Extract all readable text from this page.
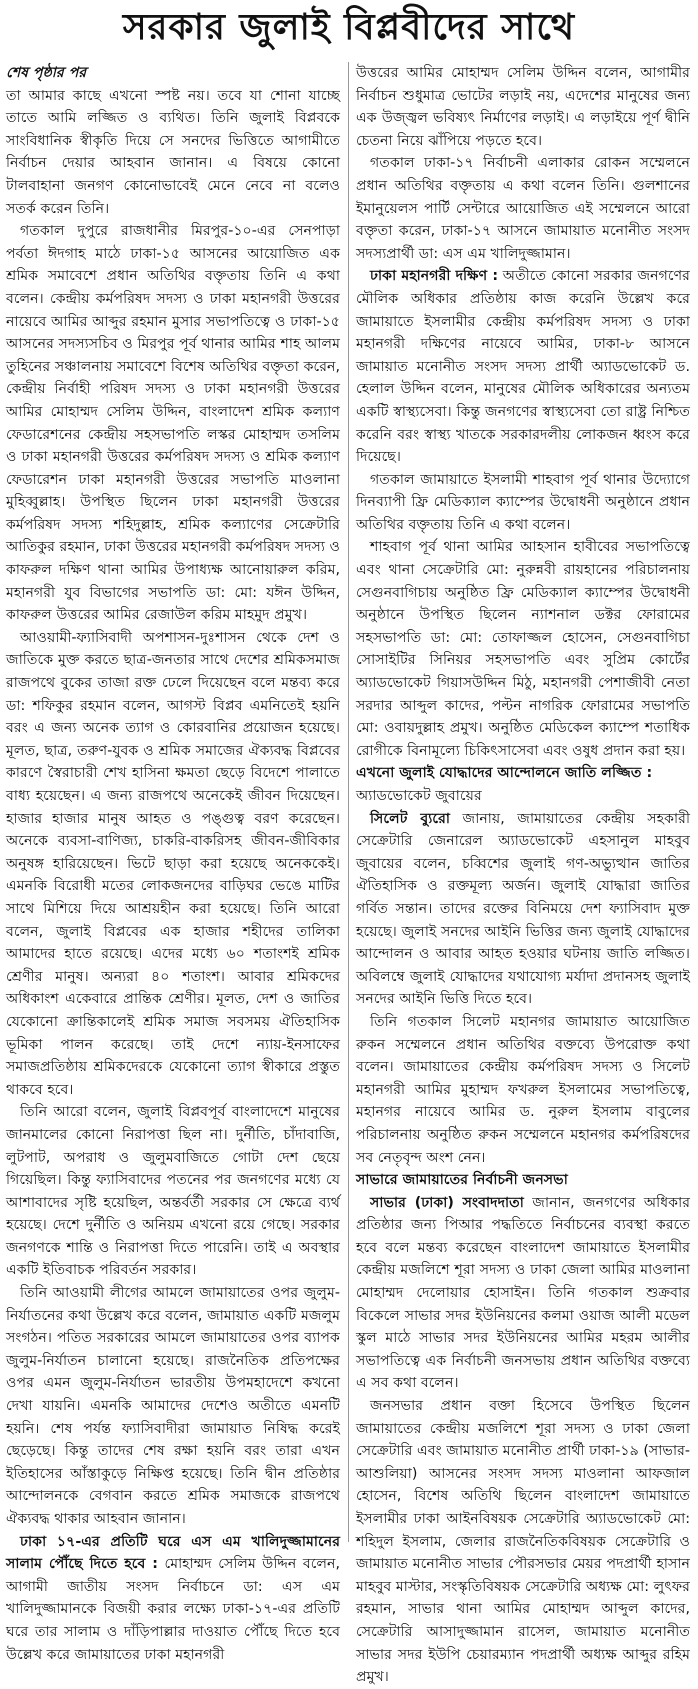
সরকার জুলাই বিপ্লবীদের সাথে

শেষ পৃষ্ঠার পর

তা আমার কাছে এখনো স্পষ্ট নয়। তবে যা শোনা যাচ্ছে তাতে আমি লজ্জিত ও ব্যথিত। তিনি জুলাই বিপ্লবকে সাংবিধানিক স্বীকৃতি দিয়ে সে সনদের ভিত্তিতে আগামীতে নির্বাচন দেয়ার আহবান জানান। এ বিষয়ে কোনো টালবাহানা জনগণ কোনোভাবেই মেনে নেবে না বলেও সতর্ক করেন তিনি।

গতকাল দুপুরে রাজধানীর মিরপুর-১০-এর সেনপাড়া পর্বতা ঈদগাহ মাঠে ঢাকা-১৫ আসনের আয়োজিত এক শ্রমিক সমাবেশে প্রধান অতিথির বক্তৃতায় তিনি এ কথা বলেন। কেন্দ্রীয় কর্মপরিষদ সদস্য ও ঢাকা মহানগরী উত্তরের নায়েবে আমির আব্দুর রহমান মুসার সভাপতিত্বে ও ঢাকা-১৫ আসনের সদস্যসচিব ও মিরপুর পূর্ব থানার আমির শাহ আলম তুহিনের সঞ্চালনায় সমাবেশে বিশেষ অতিথির বক্তৃতা করেন, কেন্দ্রীয় নির্বাহী পরিষদ সদস্য ও ঢাকা মহানগরী উত্তরের আমির মোহাম্মদ সেলিম উদ্দিন, বাংলাদেশ শ্রমিক কল্যাণ ফেডারেশনের কেন্দ্রীয় সহসভাপতি লস্কর মোহাম্মদ তসলিম ও ঢাকা মহানগরী উত্তরের কর্মপরিষদ সদস্য ও শ্রমিক কল্যাণ ফেডারেশন ঢাকা মহানগরী উত্তরের সভাপতি মাওলানা মুহিব্বুল্লাহ। উপস্থিত ছিলেন ঢাকা মহানগরী উত্তরের কর্মপরিষদ সদস্য শহিদুল্লাহ, শ্রমিক কল্যাণের সেক্রেটারি আতিকুর রহমান, ঢাকা উত্তরের মহানগরী কর্মপরিষদ সদস্য ও কাফরুল দক্ষিণ থানা আমির উপাধ্যক্ষ আনোয়ারুল করিম, মহানগরী যুব বিভাগের সভাপতি ডা: মো: যঈন উদ্দিন, কাফরুল উত্তরের আমির রেজাউল করিম মাহমুদ প্রমুখ।

আওয়ামী-ফ্যাসিবাদী অপশাসন-দুঃশাসন থেকে দেশ ও জাতিকে মুক্ত করতে ছাত্র-জনতার সাথে দেশের শ্রমিকসমাজ রাজপথে বুকের তাজা রক্ত ঢেলে দিয়েছেন বলে মন্তব্য করে ডা: শফিকুর রহমান বলেন, আগস্ট বিপ্লব এমনিতেই হয়নি বরং এ জন্য অনেক ত্যাগ ও কোরবানির প্রয়োজন হয়েছে। মূলত, ছাত্র, তরুণ-যুবক ও শ্রমিক সমাজের ঐক্যবদ্ধ বিপ্লবের কারণে স্বৈরাচারী শেখ হাসিনা ক্ষমতা ছেড়ে বিদেশে পালাতে বাধ্য হয়েছেন। এ জন্য রাজপথে অনেকেই জীবন দিয়েছেন। হাজার হাজার মানুষ আহত ও পঙ্গুত্ব বরণ করেছেন। অনেকে ব্যবসা-বাণিজ্য, চাকরি-বাকরিসহ জীবন-জীবিকার অনুষঙ্গ হারিয়েছেন। ভিটে ছাড়া করা হয়েছে অনেককেই। এমনকি বিরোধী মতের লোকজনদের বাড়িঘর ভেঙে মাটির সাথে মিশিয়ে দিয়ে আশ্রয়হীন করা হয়েছে। তিনি আরো বলেন, জুলাই বিপ্লবের এক হাজার শহীদের তালিকা আমাদের হাতে রয়েছে। এদের মধ্যে ৬০ শতাংশই শ্রমিক শ্রেণীর মানুষ। অন্যরা ৪০ শতাংশ। আবার শ্রমিকদের অধিকাংশ একেবারে প্রান্তিক শ্রেণীর। মূলত, দেশ ও জাতির যেকোনো ক্রান্তিকালেই শ্রমিক সমাজ সবসময় ঐতিহাসিক ভূমিকা পালন করেছে। তাই দেশে ন্যায়-ইনসাফের সমাজপ্রতিষ্ঠায় শ্রমিকদেরকে যেকোনো ত্যাগ স্বীকারে প্রস্তুত থাকবে হবে।

তিনি আরো বলেন, জুলাই বিপ্লবপূর্ব বাংলাদেশে মানুষের জানমালের কোনো নিরাপত্তা ছিল না। দুর্নীতি, চাঁদাবাজি, লুটপাট, অপরাধ ও জুলুমবাজিতে গোটা দেশ ছেয়ে গিয়েছিল। কিন্তু ফ্যাসিবাদের পতনের পর জনগণের মধ্যে যে আশাবাদের সৃষ্টি হয়েছিল, অন্তর্বর্তী সরকার সে ক্ষেত্রে ব্যর্থ হয়েছে। দেশে দুর্নীতি ও অনিয়ম এখনো রয়ে গেছে। সরকার জনগণকে শান্তি ও নিরাপত্তা দিতে পারেনি। তাই এ অবস্থার একটি ইতিবাচক পরিবর্তন সরকার।

তিনি আওয়ামী লীগের আমলে জামায়াতের ওপর জুলুম-নির্যাতনের কথা উল্লেখ করে বলেন, জামায়াত একটি মজলুম সংগঠন। পতিত সরকারের আমলে জামায়াতের ওপর ব্যাপক জুলুম-নির্যাতন চালানো হয়েছে। রাজনৈতিক প্রতিপক্ষের ওপর এমন জুলুম-নির্যাতন ভারতীয় উপমহাদেশে কখনো দেখা যায়নি। এমনকি আমাদের দেশেও অতীতে এমনটি হয়নি। শেষ পর্যন্ত ফ্যাসিবাদীরা জামায়াত নিষিদ্ধ করেই ছেড়েছে। কিন্তু তাদের শেষ রক্ষা হয়নি বরং তারা এখন ইতিহাসের আঁস্তাকুড়ে নিক্ষিপ্ত হয়েছে। তিনি দ্বীন প্রতিষ্ঠার আন্দোলনকে বেগবান করতে শ্রমিক সমাজকে রাজপথে ঐক্যবদ্ধ থাকার আহবান জানান।

ঢাকা ১৭-এর প্রতিটি ঘরে এস এম খালিদুজ্জামানের সালাম পৌঁছে দিতে হবে : মোহাম্মদ সেলিম উদ্দিন বলেন, আগামী জাতীয় সংসদ নির্বাচনে ডা: এস এম খালিদুজ্জামানকে বিজয়ী করার লক্ষ্যে ঢাকা-১৭-এর প্রতিটি ঘরে তার সালাম ও দাঁড়িপাল্লার দাওয়াত পৌঁছে দিতে হবে উল্লেখ করে জামায়াতের ঢাকা মহানগরী

উত্তরের আমির মোহাম্মদ সেলিম উদ্দিন বলেন, আগামীর নির্বাচন শুধুমাত্র ভোটের লড়াই নয়, এদেশের মানুষের জন্য এক উজ্জ্বল ভবিষ্যৎ নির্মাণের লড়াই। এ লড়াইয়ে পূর্ণ দ্বীনি চেতনা নিয়ে ঝাঁপিয়ে পড়তে হবে।

গতকাল ঢাকা-১৭ নির্বাচনী এলাকার রোকন সম্মেলনে প্রধান অতিথির বক্তৃতায় এ কথা বলেন তিনি। গুলশানের ইমানুয়েলস পার্টি সেন্টারে আয়োজিত এই সম্মেলনে আরো বক্তৃতা করেন, ঢাকা-১৭ আসনে জামায়াত মনোনীত সংসদ সদস্যপ্রার্থী ডা: এস এম খালিদুজ্জামান।

ঢাকা মহানগরী দক্ষিণ : অতীতে কোনো সরকার জনগণের মৌলিক অধিকার প্রতিষ্ঠায় কাজ করেনি উল্লেখ করে জামায়াতে ইসলামীর কেন্দ্রীয় কর্মপরিষদ সদস্য ও ঢাকা মহানগরী দক্ষিণের নায়েবে আমির, ঢাকা-৮ আসনে জামায়াত মনোনীত সংসদ সদস্য প্রার্থী অ্যাডভোকেট ড. হেলাল উদ্দিন বলেন, মানুষের মৌলিক অধিকারের অন্যতম একটি স্বাস্থ্যসেবা। কিন্তু জনগণের স্বাস্থ্যসেবা তো রাষ্ট্র নিশ্চিত করেনি বরং স্বাস্থ্য খাতকে সরকারদলীয় লোকজন ধ্বংস করে দিয়েছে।

গতকাল জামায়াতে ইসলামী শাহবাগ পূর্ব থানার উদ্যোগে দিনব্যাপী ফ্রি মেডিক্যাল ক্যাম্পের উদ্বোধনী অনুষ্ঠানে প্রধান অতিথির বক্তৃতায় তিনি এ কথা বলেন।

শাহবাগ পূর্ব থানা আমির আহসান হাবীবের সভাপতিত্বে এবং থানা সেক্রেটারি মো: নুরুন্নবী রায়হানের পরিচালনায় সেগুনবাগিচায় অনুষ্ঠিত ফ্রি মেডিক্যাল ক্যাম্পের উদ্বোধনী অনুষ্ঠানে উপস্থিত ছিলেন ন্যাশনাল ডক্টর ফোরামের সহসভাপতি ডা: মো: তোফাজ্জল হোসেন, সেগুনবাগিচা সোসাইটির সিনিয়র সহসভাপতি এবং সুপ্রিম কোর্টের অ্যাডভোকেট গিয়াসউদ্দিন মিঠু, মহানগরী পেশাজীবী নেতা সরদার আব্দুল কাদের, পল্টন নাগরিক ফোরামের সভাপতি মো: ওবায়দুল্লাহ প্রমুখ। অনুষ্ঠিত মেডিকেল ক্যাম্পে শতাধিক রোগীকে বিনামূল্যে চিকিৎসাসেবা এবং ওষুধ প্রদান করা হয়।

এখনো জুলাই যোদ্ধাদের আন্দোলনে জাতি লজ্জিত :

অ্যাডভোকেট জুবায়ের

সিলেট ব্যুরো জানায়, জামায়াতের কেন্দ্রীয় সহকারী সেক্রেটারি জেনারেল অ্যাডভোকেট এহসানুল মাহবুব জুবায়ের বলেন, চব্বিশের জুলাই গণ-অভ্যুত্থান জাতির ঐতিহাসিক ও রক্তমূল্য অর্জন। জুলাই যোদ্ধারা জাতির গর্বিত সন্তান। তাদের রক্তের বিনিময়ে দেশ ফ্যাসিবাদ মুক্ত হয়েছে। জুলাই সনদের আইনি ভিত্তির জন্য জুলাই যোদ্ধাদের আন্দোলন ও আবার আহত হওয়ার ঘটনায় জাতি লজ্জিত। অবিলম্বে জুলাই যোদ্ধাদের যথাযোগ্য মর্যাদা প্রদানসহ জুলাই সনদের আইনি ভিত্তি দিতে হবে।

তিনি গতকাল সিলেট মহানগর জামায়াত আয়োজিত রুকন সম্মেলনে প্রধান অতিথির বক্তব্যে উপরোক্ত কথা বলেন। জামায়াতের কেন্দ্রীয় কর্মপরিষদ সদস্য ও সিলেট মহানগরী আমির মুহাম্মদ ফখরুল ইসলামের সভাপতিত্বে, মহানগর নায়েবে আমির ড. নুরুল ইসলাম বাবুলের পরিচালনায় অনুষ্ঠিত রুকন সম্মেলনে মহানগর কর্মপরিষদের সব নেতৃবৃন্দ অংশ নেন।

সাভারে জামায়াতের নির্বাচনী জনসভা

সাভার (ঢাকা) সংবাদদাতা জানান, জনগণের অধিকার প্রতিষ্ঠার জন্য পিআর পদ্ধতিতে নির্বাচনের ব্যবস্থা করতে হবে বলে মন্তব্য করেছেন বাংলাদেশ জামায়াতে ইসলামীর কেন্দ্রীয় মজলিশে শূরা সদস্য ও ঢাকা জেলা আমির মাওলানা মোহাম্মদ দেলোয়ার হোসাইন। তিনি গতকাল শুক্রবার বিকেলে সাভার সদর ইউনিয়নের কলমা ওয়াজ আলী মডেল স্কুল মাঠে সাভার সদর ইউনিয়নের আমির মহরম আলীর সভাপতিত্বে এক নির্বাচনী জনসভায় প্রধান অতিথির বক্তব্যে এ সব কথা বলেন।

জনসভার প্রধান বক্তা হিসেবে উপস্থিত ছিলেন জামায়াতের কেন্দ্রীয় মজলিশে শূরা সদস্য ও ঢাকা জেলা সেক্রেটারি এবং জামায়াত মনোনীত প্রার্থী ঢাকা-১৯ (সাভার-আশুলিয়া) আসনের সংসদ সদস্য মাওলানা আফজাল হোসেন, বিশেষ অতিথি ছিলেন বাংলাদেশ জামায়াতে ইসলামীর ঢাকা আইনবিষয়ক সেক্রেটারি অ্যাডভোকেট মো: শহিদুল ইসলাম, জেলার রাজনৈতিকবিষয়ক সেক্রেটারি ও জামায়াত মনোনীত সাভার পৌরসভার মেয়র পদপ্রার্থী হাসান মাহবুব মাস্টার, সংস্কৃতিবিষয়ক সেক্রেটারি অধ্যক্ষ মো: লুৎফর রহমান, সাভার থানা আমির মোহাম্মদ আব্দুল কাদের, সেক্রেটারি আসাদুজ্জামান রাসেল, জামায়াত মনোনীত সাভার সদর ইউপি চেয়ারম্যান পদপ্রার্থী অধ্যক্ষ আব্দুর রহিম প্রমুখ।
